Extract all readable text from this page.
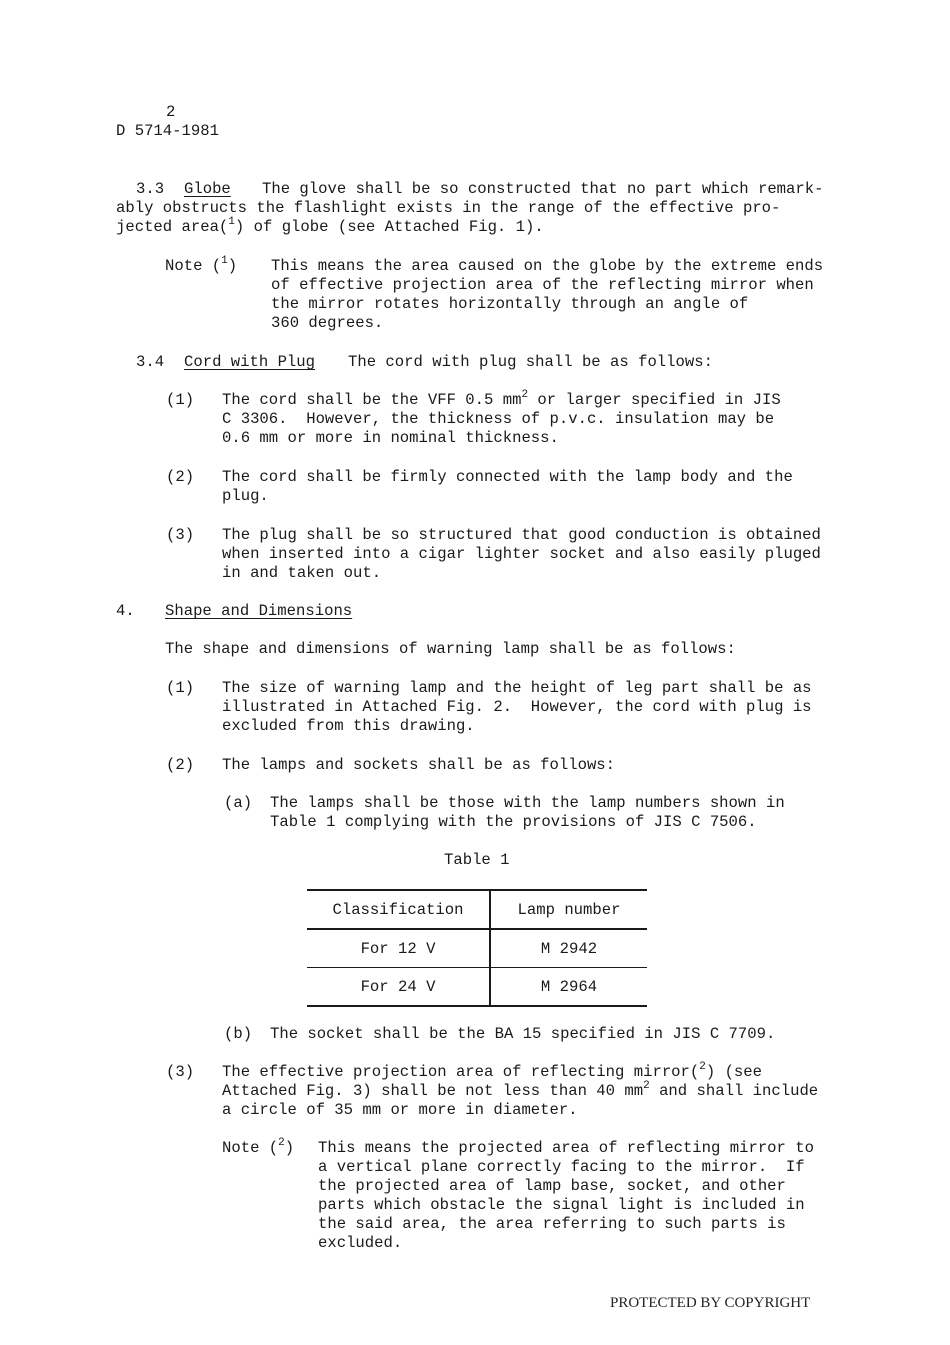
2
D 5714-1981
3.3 Globe The glove shall be so constructed that no part which remark-
ably obstructs the flashlight exists in the range of the effective pro-
jected area($^1$) of globe (see Attached Fig. 1).
Note ($^1$) This means the area caused on the globe by the extreme ends
of effective projection area of the reflecting mirror when
the mirror rotates horizontally through an angle of
360 degrees.
3.4 Cord with Plug The cord with plug shall be as follows:
(1) The cord shall be the VFF 0.5 $mm^2$ or larger specified in JIS
C 3306.  However, the thickness of p.v.c. insulation may be
0.6 mm or more in nominal thickness.
(2) The cord shall be firmly connected with the lamp body and the
plug.
(3) The plug shall be so structured that good conduction is obtained
when inserted into a cigar lighter socket and also easily pluged
in and taken out.
4. Shape and Dimensions
The shape and dimensions of warning lamp shall be as follows:
(1) The size of warning lamp and the height of leg part shall be as
illustrated in Attached Fig. 2.  However, the cord with plug is
excluded from this drawing.
(2) The lamps and sockets shall be as follows:
(a) The lamps shall be those with the lamp numbers shown in
Table 1 complying with the provisions of JIS C 7506.
Table 1
Classification	Lamp number
For 12 V	M 2942
For 24 V	M 2964
(b) The socket shall be the BA 15 specified in JIS C 7709.
(3) The effective projection area of reflecting mirror($^2$) (see
Attached Fig. 3) shall be not less than 40 $mm^2$ and shall include
a circle of 35 mm or more in diameter.
Note ($^2$) This means the projected area of reflecting mirror to
a vertical plane correctly facing to the mirror.  If
the projected area of lamp base, socket, and other
parts which obstacle the signal light is included in
the said area, the area referring to such parts is
excluded.
PROTECTED BY COPYRIGHT
